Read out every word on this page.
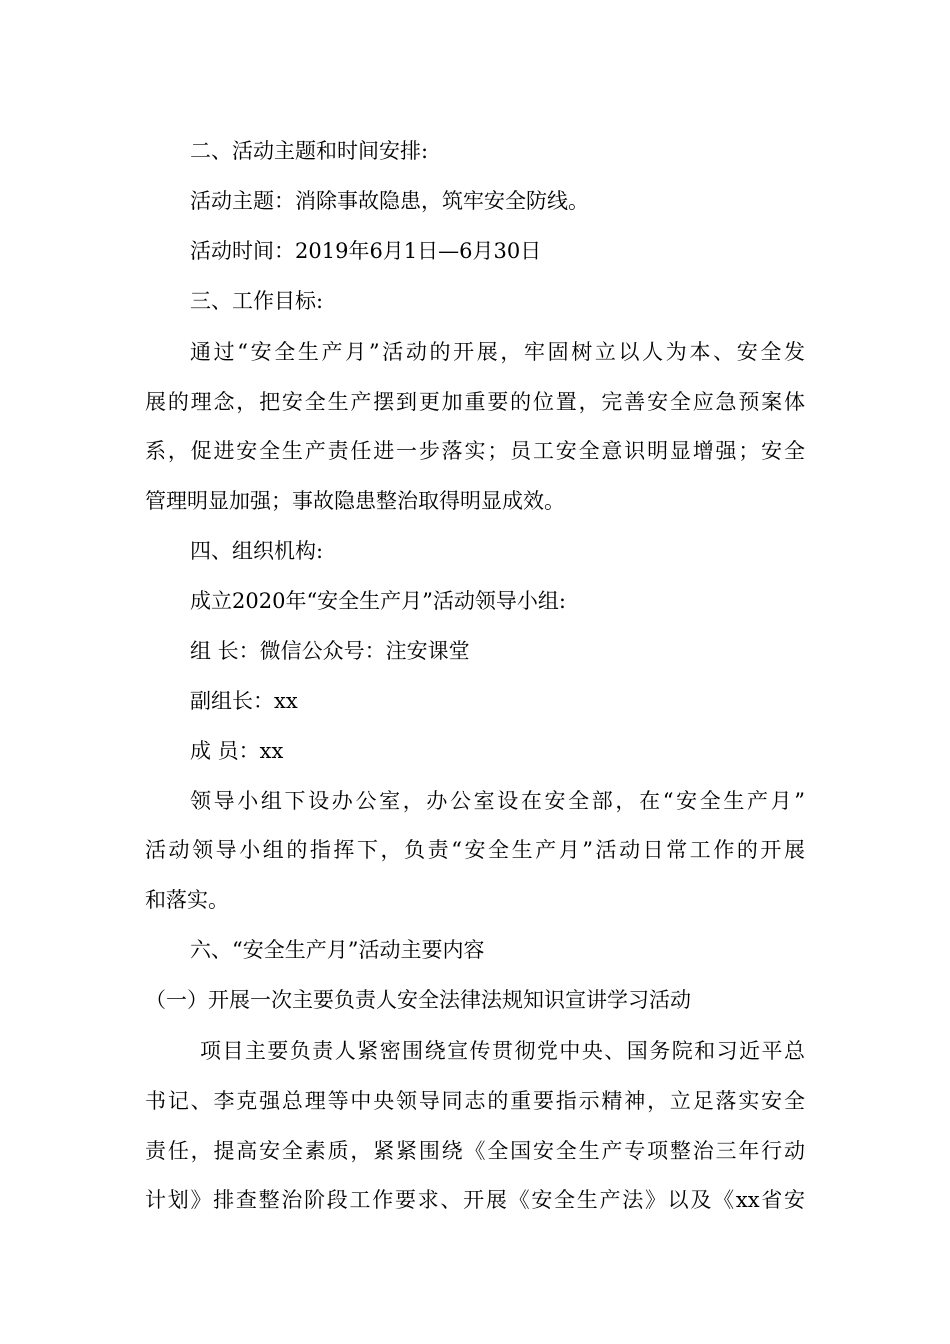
二、活动主题和时间安排:
活动主题：消除事故隐患，筑牢安全防线。
活动时间：2019年6月1日—6月30日
三、工作目标:
通过“安全生产月”活动的开展，牢固树立以人为本、安全发
展的理念，把安全生产摆到更加重要的位置，完善安全应急预案体
系，促进安全生产责任进一步落实；员工安全意识明显增强；安全
管理明显加强；事故隐患整治取得明显成效。
四、组织机构:
成立2020年“安全生产月”活动领导小组:
组 长：微信公众号：注安课堂
副组长：xx
成 员：xx
领导小组下设办公室，办公室设在安全部，在“安全生产月”
活动领导小组的指挥下，负责“安全生产月”活动日常工作的开展
和落实。
六、“安全生产月”活动主要内容
（一）开展一次主要负责人安全法律法规知识宣讲学习活动
项目主要负责人紧密围绕宣传贯彻党中央、国务院和习近平总
书记、李克强总理等中央领导同志的重要指示精神，立足落实安全
责任，提高安全素质，紧紧围绕《全国安全生产专项整治三年行动
计划》排查整治阶段工作要求、开展《安全生产法》以及《xx省安
